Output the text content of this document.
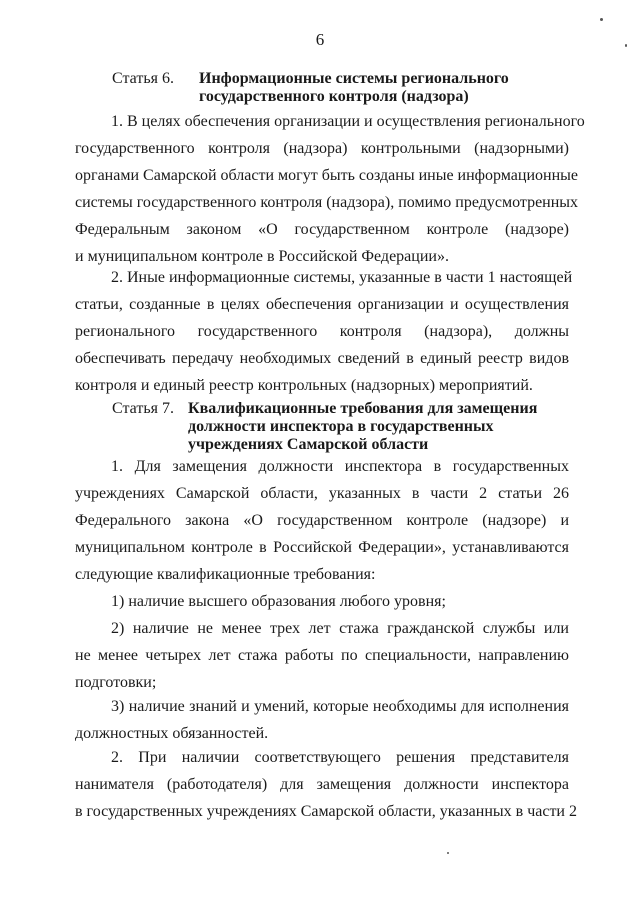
6
Статья 6. Информационные системы регионального
государственного контроля (надзора)
1. В целях обеспечения организации и осуществления регионального
государственного контроля (надзора) контрольными (надзорными)
органами Самарской области могут быть созданы иные информационные
системы государственного контроля (надзора), помимо предусмотренных
Федеральным законом «О государственном контроле (надзоре)
и муниципальном контроле в Российской Федерации».
2. Иные информационные системы, указанные в части 1 настоящей
статьи, созданные в целях обеспечения организации и осуществления
регионального государственного контроля (надзора), должны
обеспечивать передачу необходимых сведений в единый реестр видов
контроля и единый реестр контрольных (надзорных) мероприятий.
Статья 7. Квалификационные требования для замещения
должности инспектора в государственных
учреждениях Самарской области
1. Для замещения должности инспектора в государственных
учреждениях Самарской области, указанных в части 2 статьи 26
Федерального закона «О государственном контроле (надзоре) и
муниципальном контроле в Российской Федерации», устанавливаются
следующие квалификационные требования:
1) наличие высшего образования любого уровня;
2) наличие не менее трех лет стажа гражданской службы или
не менее четырех лет стажа работы по специальности, направлению
подготовки;
3) наличие знаний и умений, которые необходимы для исполнения
должностных обязанностей.
2. При наличии соответствующего решения представителя
нанимателя (работодателя) для замещения должности инспектора
в государственных учреждениях Самарской области, указанных в части 2
